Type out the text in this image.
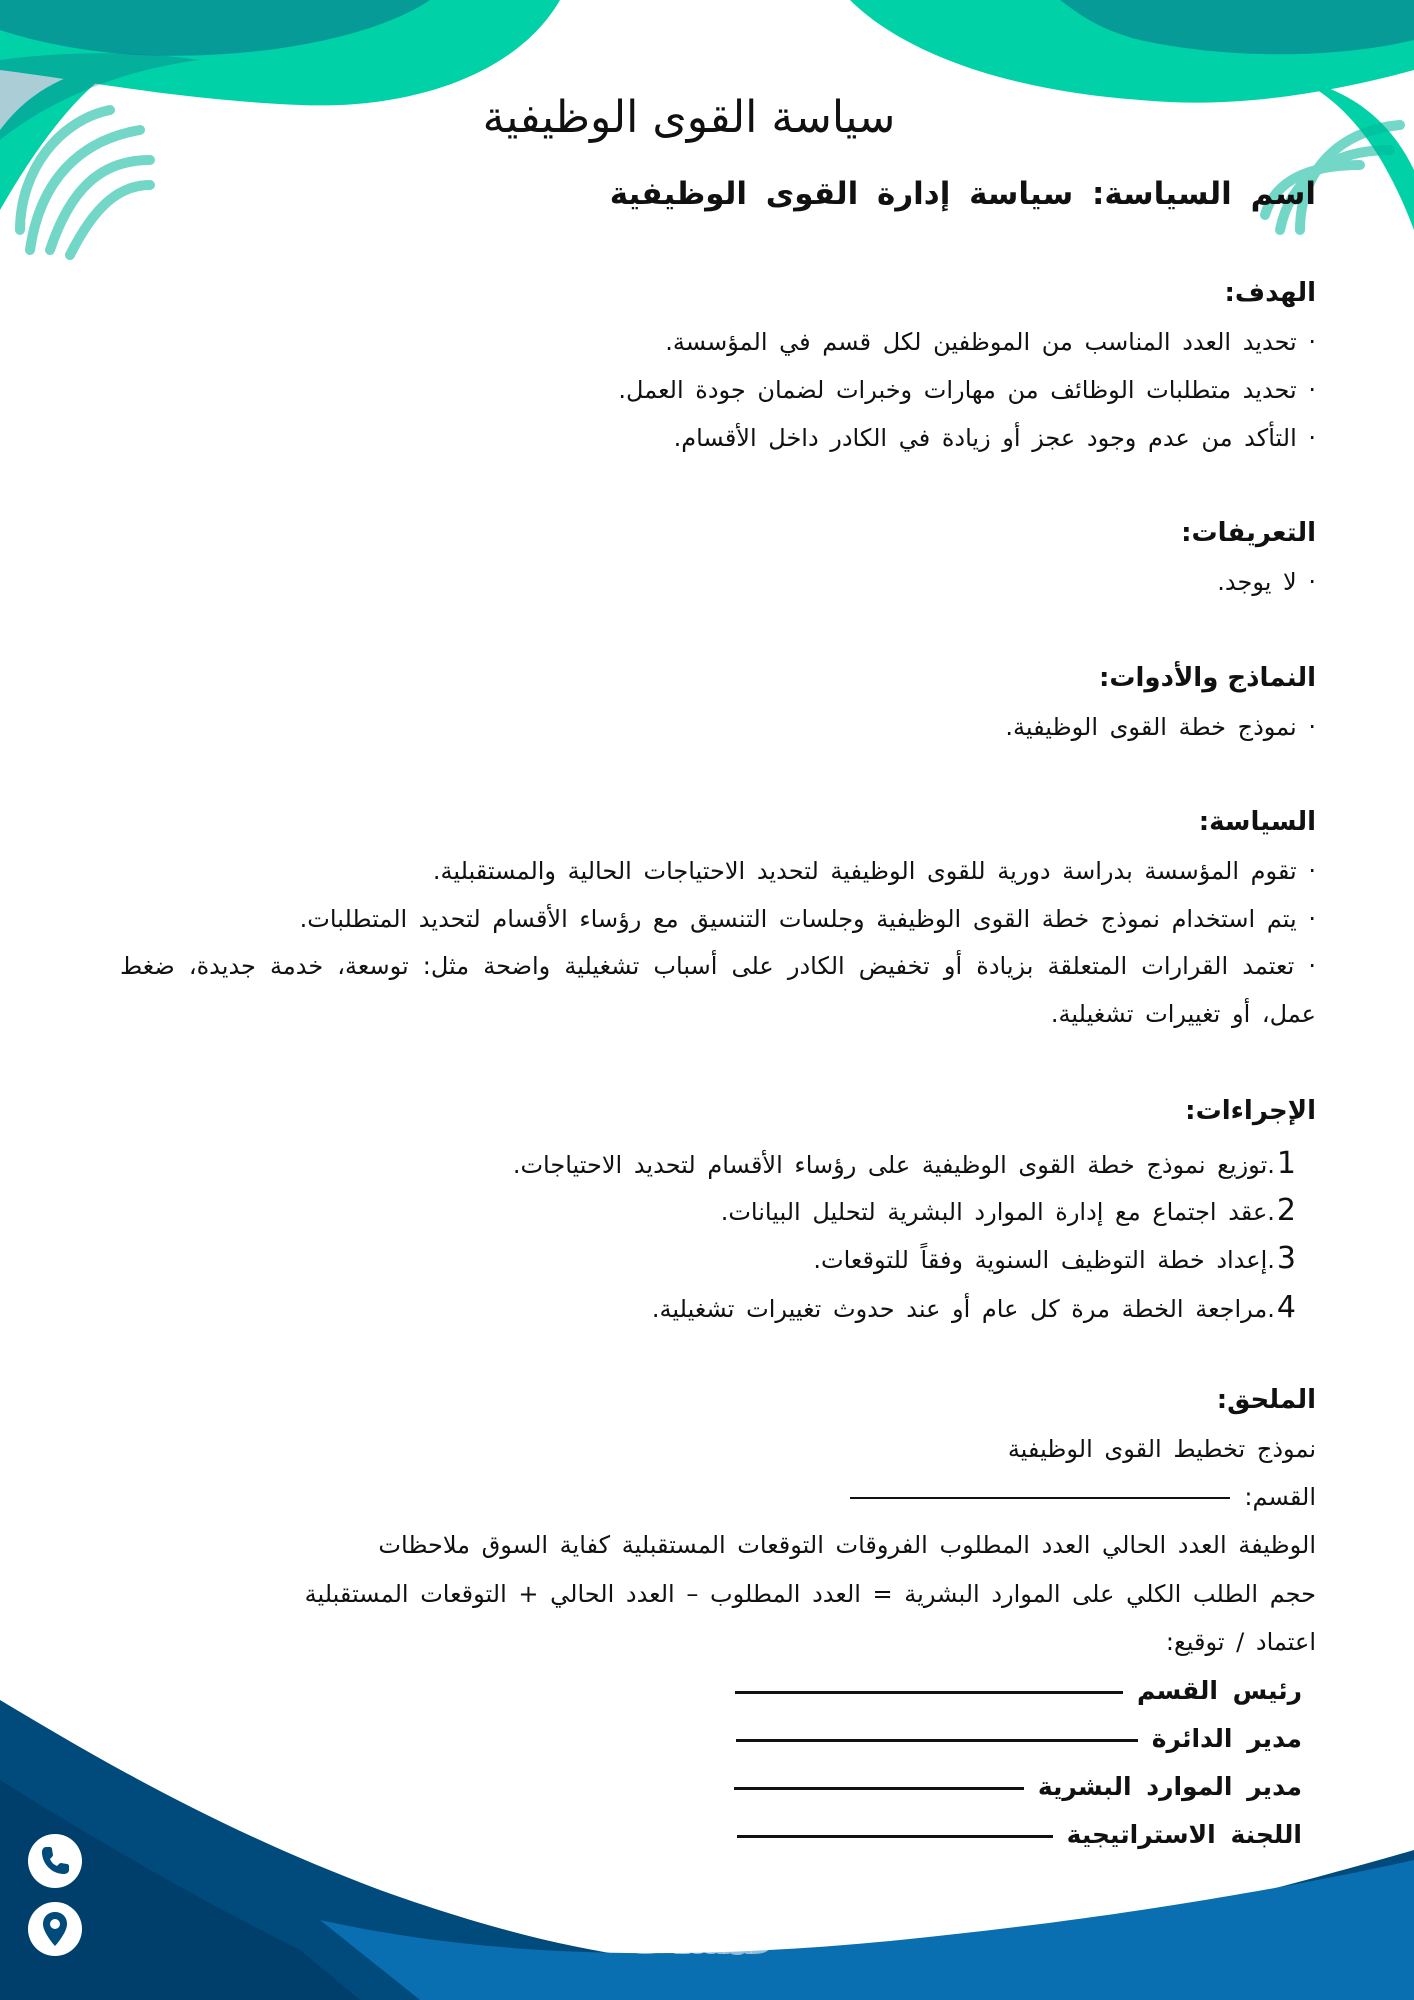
سياسة القوى الوظيفية
اسم السياسة: سياسة إدارة القوى الوظيفية
الهدف:
· تحديد العدد المناسب من الموظفين لكل قسم في المؤسسة.
· تحديد متطلبات الوظائف من مهارات وخبرات لضمان جودة العمل.
· التأكد من عدم وجود عجز أو زيادة في الكادر داخل الأقسام.
التعريفات:
· لا يوجد.
النماذج والأدوات:
· نموذج خطة القوى الوظيفية.
السياسة:
· تقوم المؤسسة بدراسة دورية للقوى الوظيفية لتحديد الاحتياجات الحالية والمستقبلية.
· يتم استخدام نموذج خطة القوى الوظيفية وجلسات التنسيق مع رؤساء الأقسام لتحديد المتطلبات.
· تعتمد القرارات المتعلقة بزيادة أو تخفيض الكادر على أسباب تشغيلية واضحة مثل: توسعة، خدمة جديدة، ضغط عمل، أو تغييرات تشغيلية.
الإجراءات:
1.توزيع نموذج خطة القوى الوظيفية على رؤساء الأقسام لتحديد الاحتياجات.
2.عقد اجتماع مع إدارة الموارد البشرية لتحليل البيانات.
3.إعداد خطة التوظيف السنوية وفقاً للتوقعات.
4.مراجعة الخطة مرة كل عام أو عند حدوث تغييرات تشغيلية.
الملحق:
نموذج تخطيط القوى الوظيفية
القسم:
الوظيفة العدد الحالي العدد المطلوب الفروقات التوقعات المستقبلية كفاية السوق ملاحظات
حجم الطلب الكلي على الموارد البشرية = العدد المطلوب – العدد الحالي + التوقعات المستقبلية
اعتماد / توقيع:
رئيس القسم
مدير الدائرة
مدير الموارد البشرية
اللجنة الاستراتيجية
خمسات
